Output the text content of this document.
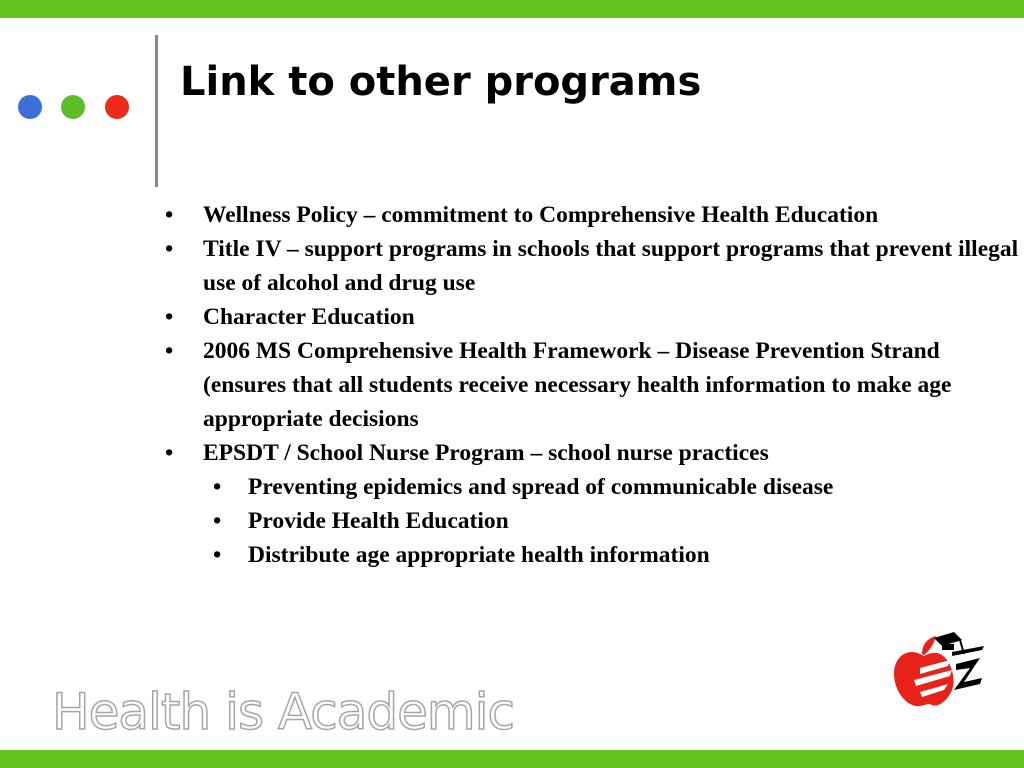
Link to other programs
• Wellness Policy – commitment to Comprehensive Health Education
• Title IV – support programs in schools that support programs that prevent illegal use of alcohol and drug use
• Character Education
• 2006 MS Comprehensive Health Framework – Disease Prevention Strand (ensures that all students receive necessary health information to make age appropriate decisions
• EPSDT / School Nurse Program – school nurse practices
• Preventing epidemics and spread of communicable disease
• Provide Health Education
• Distribute age appropriate health information
Health is Academic
